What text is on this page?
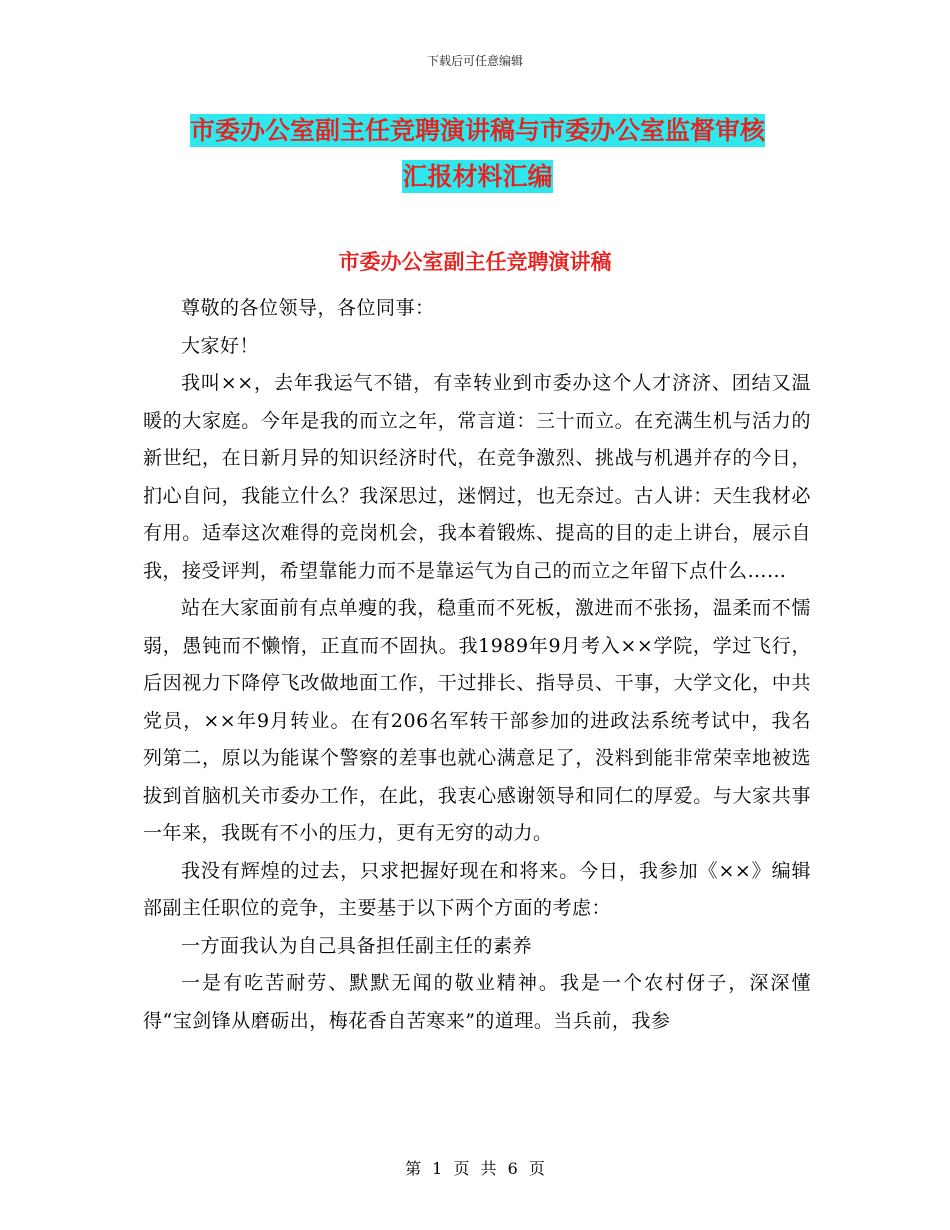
下载后可任意编辑
市委办公室副主任竞聘演讲稿与市委办公室监督审核
汇报材料汇编
市委办公室副主任竞聘演讲稿

尊敬的各位领导，各位同事：

大家好！

我叫××，去年我运气不错，有幸转业到市委办这个人才济济、团结又温暖的大家庭。今年是我的而立之年，常言道：三十而立。在充满生机与活力的新世纪，在日新月异的知识经济时代，在竞争激烈、挑战与机遇并存的今日，扪心自问，我能立什么？我深思过，迷惘过，也无奈过。古人讲：天生我材必有用。适奉这次难得的竞岗机会，我本着锻炼、提高的目的走上讲台，展示自我，接受评判，希望靠能力而不是靠运气为自己的而立之年留下点什么……

站在大家面前有点单瘦的我，稳重而不死板，激进而不张扬，温柔而不懦弱，愚钝而不懒惰，正直而不固执。我1989年9月考入××学院，学过飞行，后因视力下降停飞改做地面工作，干过排长、指导员、干事，大学文化，中共党员，××年9月转业。在有206名军转干部参加的进政法系统考试中，我名列第二，原以为能谋个警察的差事也就心满意足了，没料到能非常荣幸地被选拔到首脑机关市委办工作，在此，我衷心感谢领导和同仁的厚爱。与大家共事一年来，我既有不小的压力，更有无穷的动力。

我没有辉煌的过去，只求把握好现在和将来。今日，我参加《××》编辑部副主任职位的竞争，主要基于以下两个方面的考虑：

一方面我认为自己具备担任副主任的素养

一是有吃苦耐劳、默默无闻的敬业精神。我是一个农村伢子，深深懂得“宝剑锋从磨砺出，梅花香自苦寒来”的道理。当兵前，我参

第 1 页 共 6 页
